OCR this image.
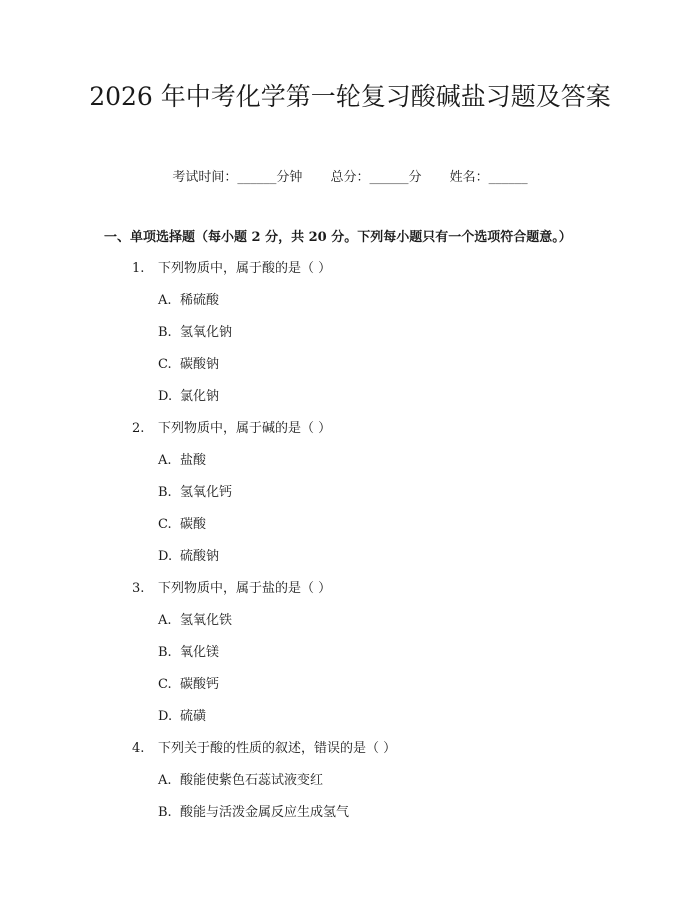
2026 年中考化学第一轮复习酸碱盐习题及答案
考试时间：______分钟 总分：______分 姓名：______
一、单项选择题（每小题 2 分，共 20 分。下列每小题只有一个选项符合题意。）
1. 下列物质中，属于酸的是（ ）
A. 稀硫酸
B. 氢氧化钠
C. 碳酸钠
D. 氯化钠
2. 下列物质中，属于碱的是（ ）
A. 盐酸
B. 氢氧化钙
C. 碳酸
D. 硫酸钠
3. 下列物质中，属于盐的是（ ）
A. 氢氧化铁
B. 氧化镁
C. 碳酸钙
D. 硫磺
4. 下列关于酸的性质的叙述，错误的是（ ）
A. 酸能使紫色石蕊试液变红
B. 酸能与活泼金属反应生成氢气
